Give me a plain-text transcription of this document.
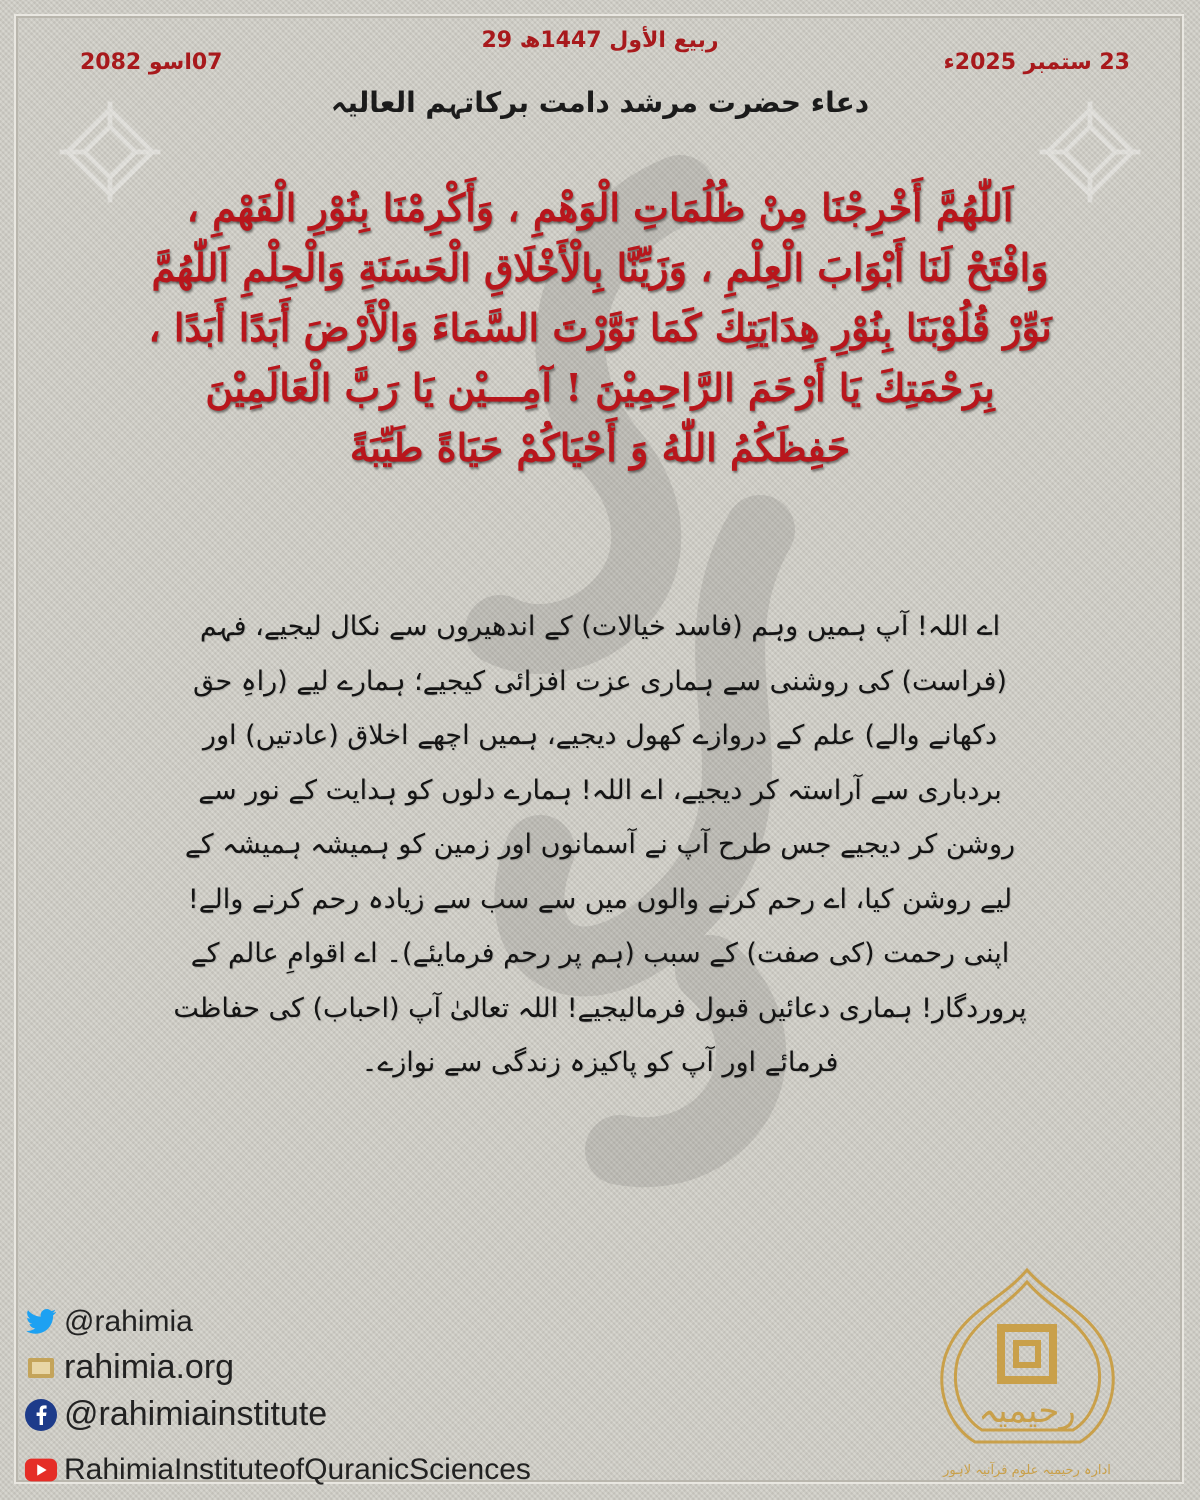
29 ربیع الأول 1447ھ
23 ستمبر 2025ء
07اسو 2082
دعاء حضرت مرشد دامت برکاتہم العالیہ
اَللّٰهُمَّ أَخْرِجْنَا مِنْ ظُلُمَاتِ الْوَهْمِ ، وَأَكْرِمْنَا بِنُوْرِ الْفَهْمِ ، وَافْتَحْ لَنَا أَبْوَابَ الْعِلْمِ ، وَزَيِّنَّا بِالْأَخْلَاقِ الْحَسَنَةِ وَالْحِلْمِ اَللّٰهُمَّ نَوِّرْ قُلُوْبَنَا بِنُوْرِ هِدَايَتِكَ كَمَا نَوَّرْتَ السَّمَاءَ وَالْأَرْضَ أَبَدًا أَبَدًا ، بِرَحْمَتِكَ يَا أَرْحَمَ الرَّاحِمِيْنَ ! آمِـــيْن يَا رَبَّ الْعَالَمِيْنَ حَفِظَكُمُ اللّٰهُ وَ أَحْيَاكُمْ حَيَاةً طَيِّبَةً
اے اللہ! آپ ہمیں وہم (فاسد خیالات) کے اندھیروں سے نکال لیجیے، فہم (فراست) کی روشنی سے ہماری عزت افزائی کیجیے؛ ہمارے لیے (راہِ حق دکھانے والے) علم کے دروازے کھول دیجیے، ہمیں اچھے اخلاق (عادتیں) اور بردباری سے آراستہ کر دیجیے، اے اللہ! ہمارے دلوں کو ہدایت کے نور سے روشن کر دیجیے جس طرح آپ نے آسمانوں اور زمین کو ہمیشہ ہمیشہ کے لیے روشن کیا، اے رحم کرنے والوں میں سے سب سے زیادہ رحم کرنے والے! اپنی رحمت (کی صفت) کے سبب (ہم پر رحم فرمایئے)۔ اے اقوامِ عالم کے پروردگار! ہماری دعائیں قبول فرمالیجیے! اللہ تعالیٰ آپ (احباب) کی حفاظت فرمائے اور آپ کو پاکیزہ زندگی سے نوازے۔
@rahimia
rahimia.org
@rahimiainstitute
RahimiaInstituteofQuranicSciences
رحیمیہ
ادارہ رحیمیہ علوم قرآنیہ لاہور
